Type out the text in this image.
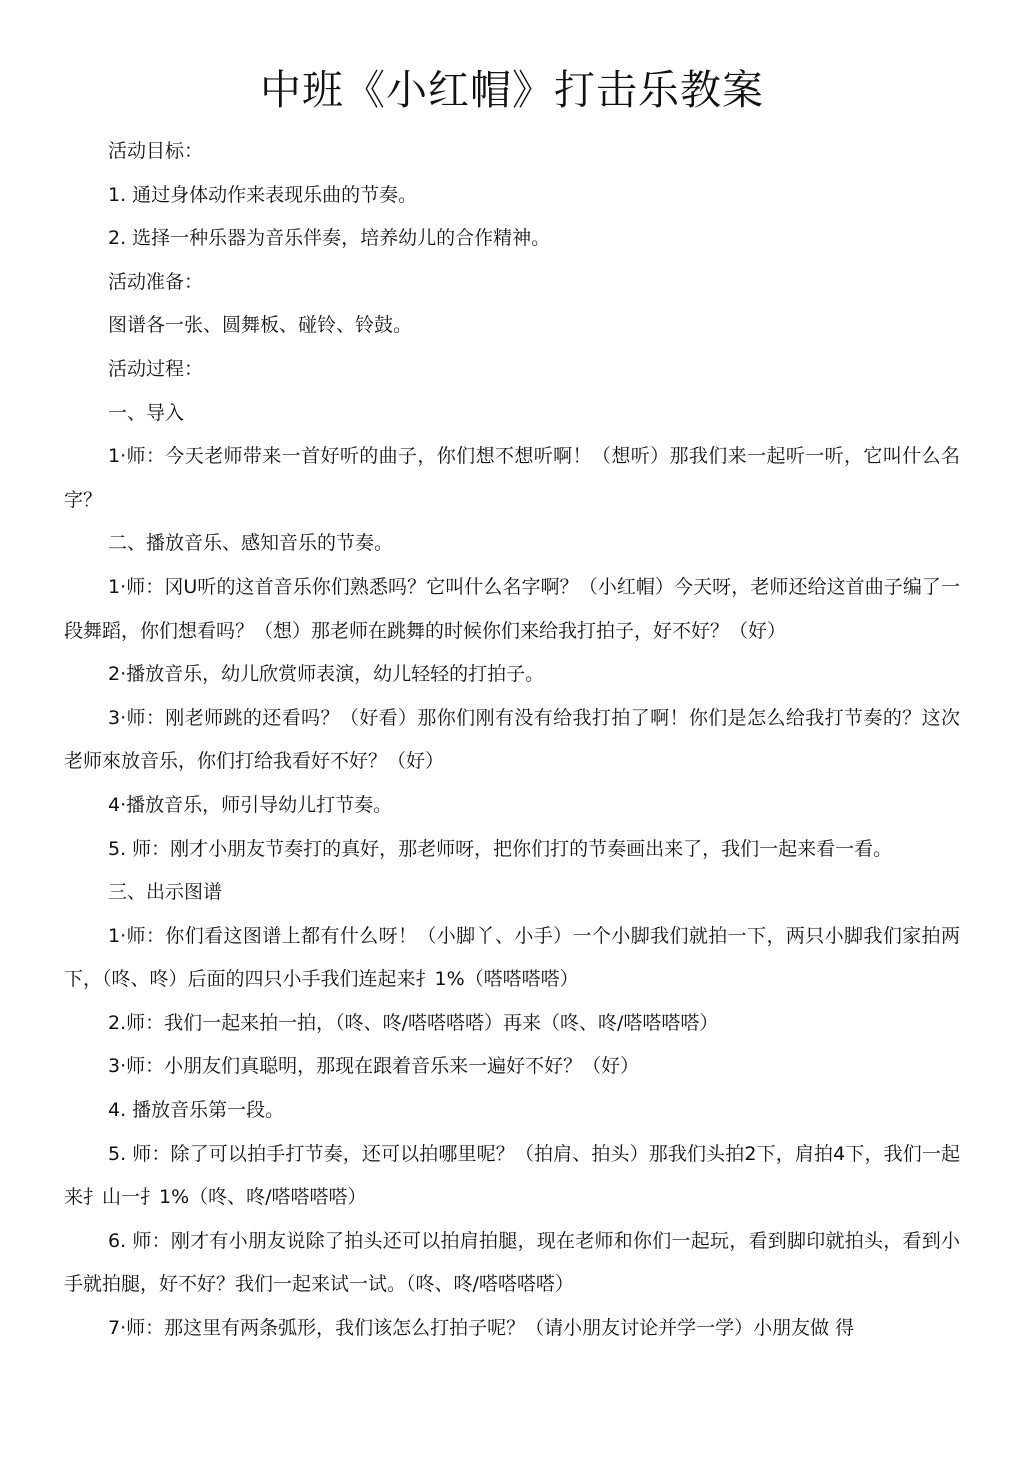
中班《小红帽》打击乐教案

活动目标：

1. 通过身体动作来表现乐曲的节奏。

2. 选择一种乐器为音乐伴奏，培养幼儿的合作精神。

活动准备：

图谱各一张、圆舞板、碰铃、铃鼓。

活动过程：

一、导入

1·师：今天老师带来一首好听的曲子，你们想不想听啊！（想听）那我们来一起听一听，它叫什么名字？

二、播放音乐、感知音乐的节奏。

1·师：冈U听的这首音乐你们熟悉吗？它叫什么名字啊？（小红帽）今天呀，老师还给这首曲子编了一段舞蹈，你们想看吗？（想）那老师在跳舞的时候你们来给我打拍子，好不好？（好）

2·播放音乐，幼儿欣赏师表演，幼儿轻轻的打拍子。

3·师：刚老师跳的还看吗？（好看）那你们刚有没有给我打拍了啊！你们是怎么给我打节奏的？这次老师來放音乐，你们打给我看好不好？（好）

4·播放音乐，师引导幼儿打节奏。

5. 师：刚才小朋友节奏打的真好，那老师呀，把你们打的节奏画出来了，我们一起来看一看。

三、出示图谱

1·师：你们看这图谱上都有什么呀！（小脚丫、小手）一个小脚我们就拍一下，两只小脚我们家拍两下，（咚、咚）后面的四只小手我们连起来扌1%（嗒嗒嗒嗒）

2.师：我们一起来拍一拍，（咚、咚/嗒嗒嗒嗒）再来（咚、咚/嗒嗒嗒嗒）

3·师：小朋友们真聪明，那现在跟着音乐来一遍好不好？（好）

4. 播放音乐第一段。

5. 师：除了可以拍手打节奏，还可以拍哪里呢？（拍肩、拍头）那我们头拍2下，肩拍4下，我们一起来扌山一扌1%（咚、咚/嗒嗒嗒嗒）

6. 师：刚才有小朋友说除了拍头还可以拍肩拍腿，现在老师和你们一起玩，看到脚印就拍头，看到小手就拍腿，好不好？我们一起来试一试。（咚、咚/嗒嗒嗒嗒）

7·师：那这里有两条弧形，我们该怎么打拍子呢？（请小朋友讨论并学一学）小朋友做 得
